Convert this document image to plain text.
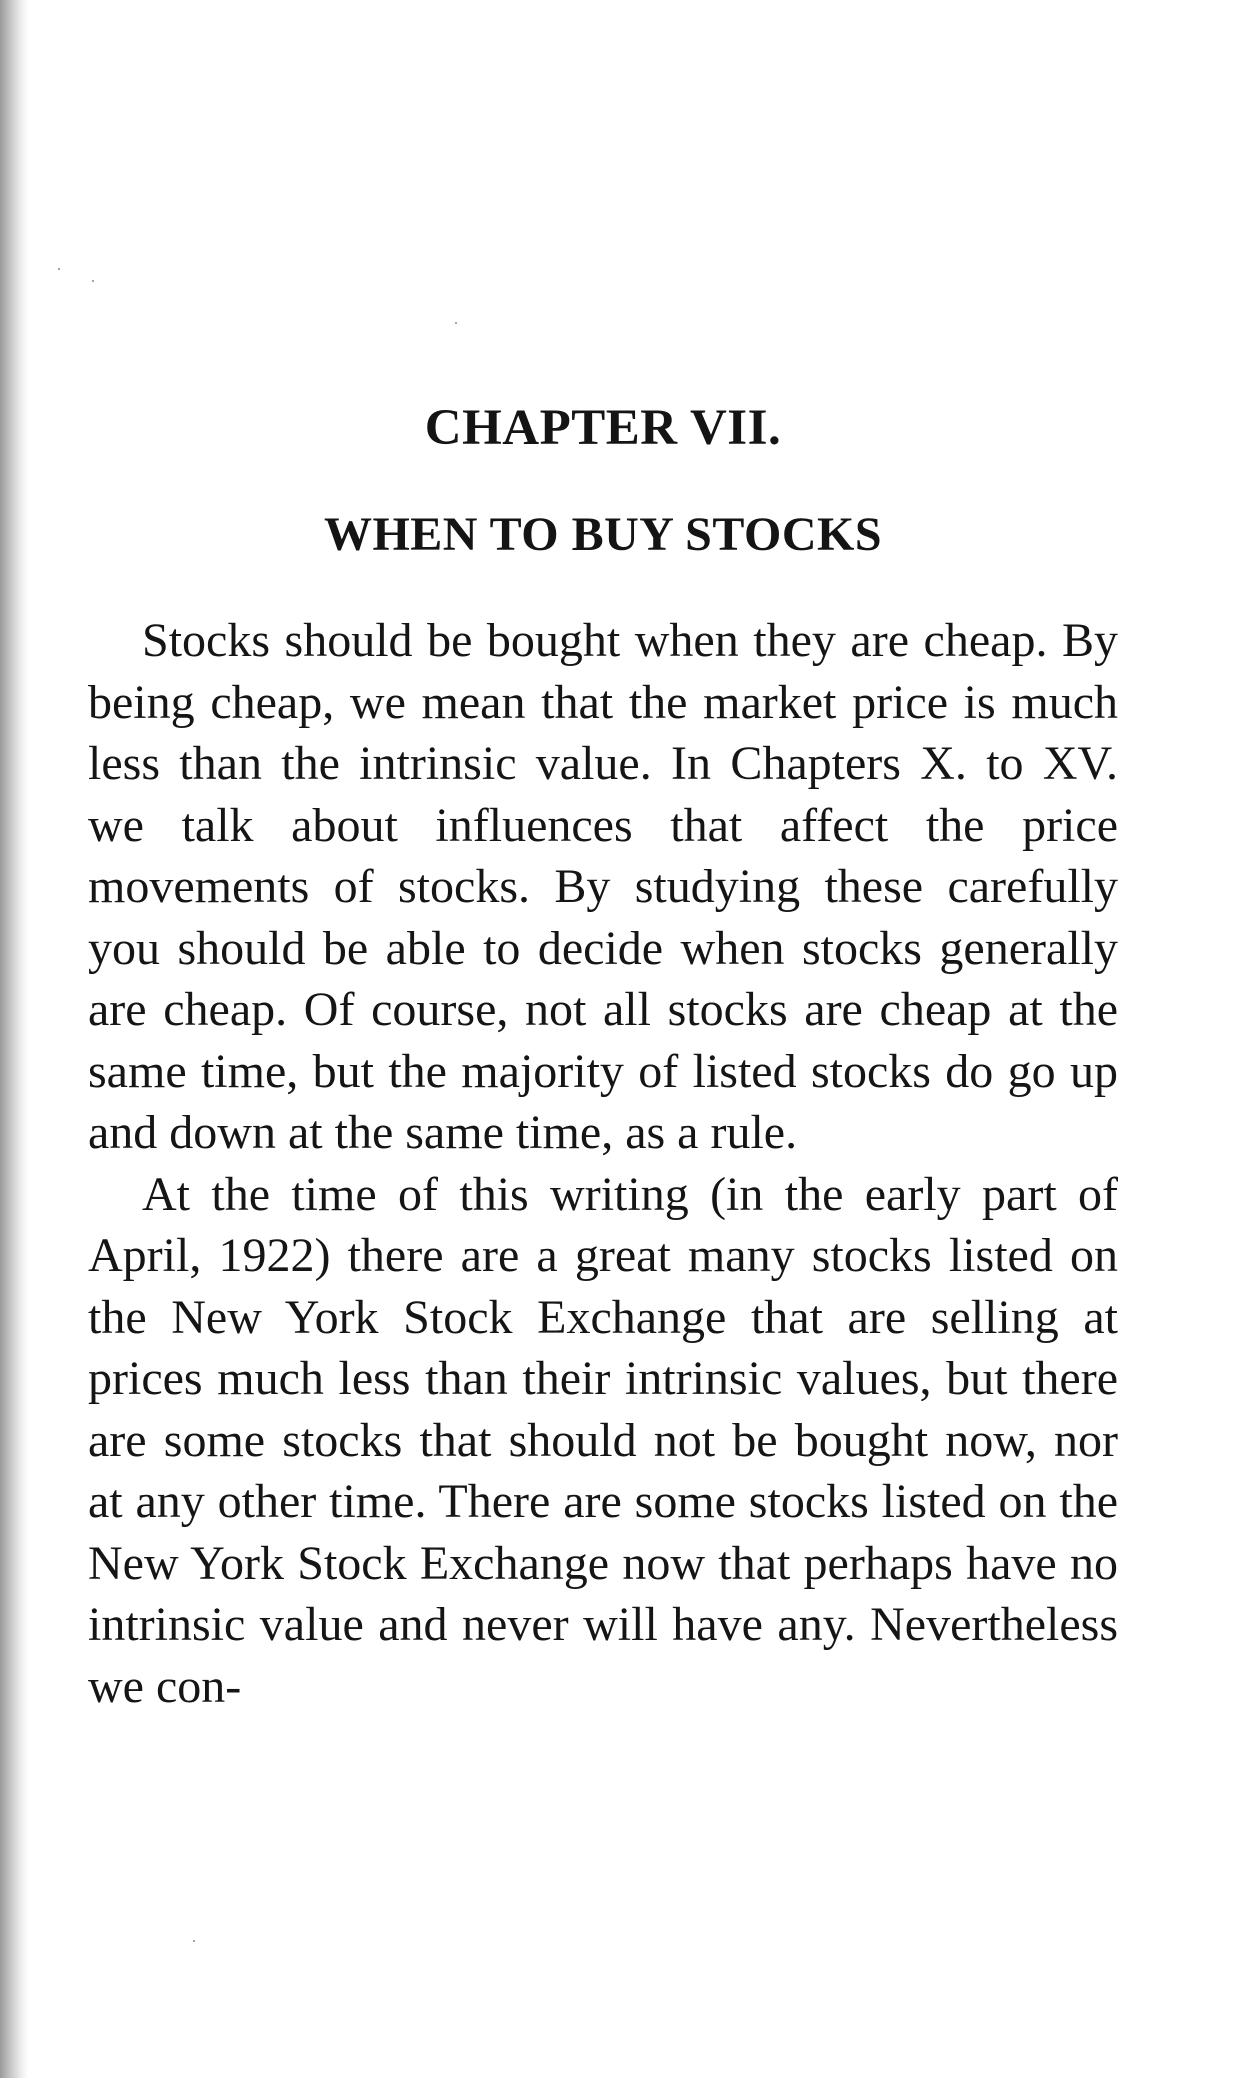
CHAPTER VII.
WHEN TO BUY STOCKS

Stocks should be bought when they are cheap. By being cheap, we mean that the market price is much less than the intrinsic value. In Chapters X. to XV. we talk about influences that affect the price movements of stocks. By studying these carefully you should be able to decide when stocks generally are cheap. Of course, not all stocks are cheap at the same time, but the majority of listed stocks do go up and down at the same time, as a rule.

At the time of this writing (in the early part of April, 1922) there are a great many stocks listed on the New York Stock Exchange that are selling at prices much less than their intrinsic values, but there are some stocks that should not be bought now, nor at any other time. There are some stocks listed on the New York Stock Exchange now that perhaps have no intrinsic value and never will have any. Nevertheless we con-
